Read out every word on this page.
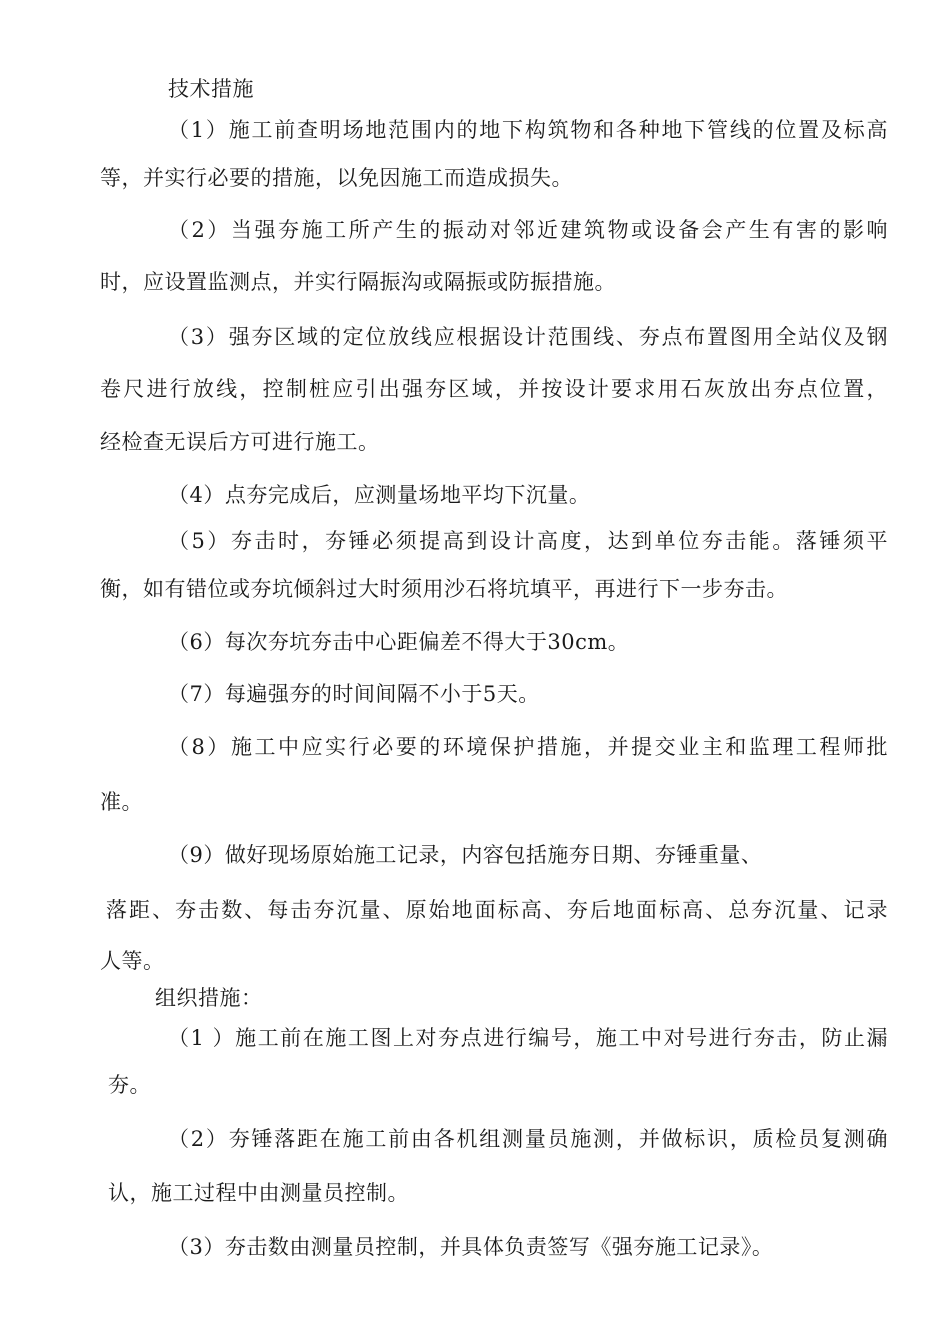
技术措施
（1）施工前查明场地范围内的地下构筑物和各种地下管线的位置及标高
等，并实行必要的措施，以免因施工而造成损失。
（2）当强夯施工所产生的振动对邻近建筑物或设备会产生有害的影响
时，应设置监测点，并实行隔振沟或隔振或防振措施。
（3）强夯区域的定位放线应根据设计范围线、夯点布置图用全站仪及钢
卷尺进行放线，控制桩应引出强夯区域，并按设计要求用石灰放出夯点位置，
经检查无误后方可进行施工。
（4）点夯完成后，应测量场地平均下沉量。
（5）夯击时，夯锤必须提高到设计高度，达到单位夯击能。落锤须平
衡，如有错位或夯坑倾斜过大时须用沙石将坑填平，再进行下一步夯击。
（6）每次夯坑夯击中心距偏差不得大于30cm。
（7）每遍强夯的时间间隔不小于5天。
（8）施工中应实行必要的环境保护措施，并提交业主和监理工程师批
准。
（9）做好现场原始施工记录，内容包括施夯日期、夯锤重量、
落距、夯击数、每击夯沉量、原始地面标高、夯后地面标高、总夯沉量、记录
人等。
组织措施：
（1 ）施工前在施工图上对夯点进行编号，施工中对号进行夯击，防止漏
夯。
（2）夯锤落距在施工前由各机组测量员施测，并做标识，质检员复测确
认，施工过程中由测量员控制。
（3）夯击数由测量员控制，并具体负责签写《强夯施工记录》。
